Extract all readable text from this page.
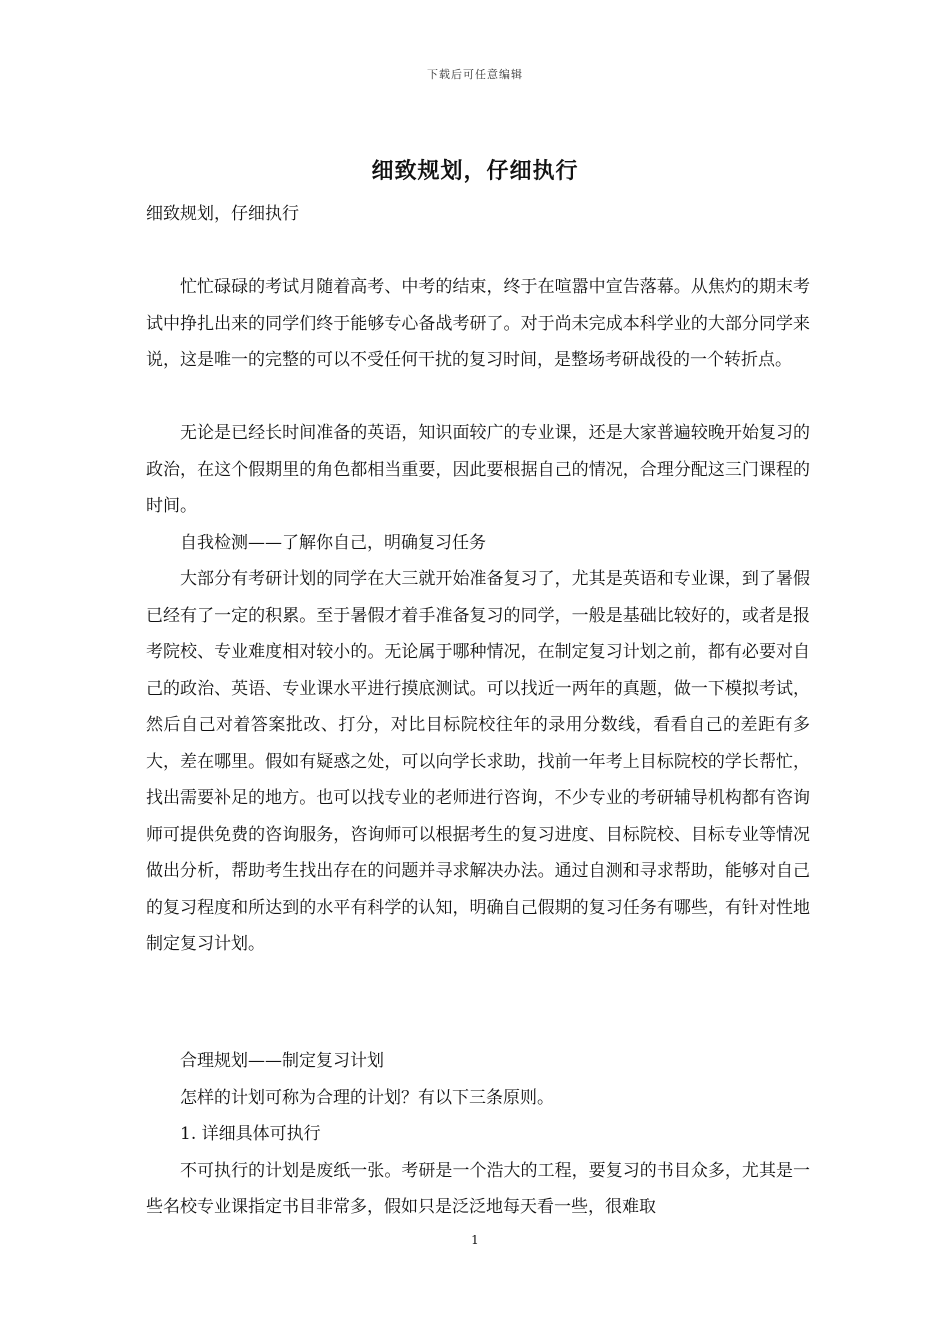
下载后可任意编辑
细致规划，仔细执行
细致规划，仔细执行

忙忙碌碌的考试月随着高考、中考的结束，终于在喧嚣中宣告落幕。从焦灼的期末考试中挣扎出来的同学们终于能够专心备战考研了。对于尚未完成本科学业的大部分同学来说，这是唯一的完整的可以不受任何干扰的复习时间，是整场考研战役的一个转折点。

无论是已经长时间准备的英语，知识面较广的专业课，还是大家普遍较晚开始复习的政治，在这个假期里的角色都相当重要，因此要根据自己的情况，合理分配这三门课程的时间。

自我检测——了解你自己，明确复习任务

大部分有考研计划的同学在大三就开始准备复习了，尤其是英语和专业课，到了暑假已经有了一定的积累。至于暑假才着手准备复习的同学，一般是基础比较好的，或者是报考院校、专业难度相对较小的。无论属于哪种情况，在制定复习计划之前，都有必要对自己的政治、英语、专业课水平进行摸底测试。可以找近一两年的真题，做一下模拟考试，然后自己对着答案批改、打分，对比目标院校往年的录用分数线，看看自己的差距有多大，差在哪里。假如有疑惑之处，可以向学长求助，找前一年考上目标院校的学长帮忙，找出需要补足的地方。也可以找专业的老师进行咨询，不少专业的考研辅导机构都有咨询师可提供免费的咨询服务，咨询师可以根据考生的复习进度、目标院校、目标专业等情况做出分析，帮助考生找出存在的问题并寻求解决办法。通过自测和寻求帮助，能够对自己的复习程度和所达到的水平有科学的认知，明确自己假期的复习任务有哪些，有针对性地制定复习计划。

合理规划——制定复习计划

怎样的计划可称为合理的计划？有以下三条原则。

1. 详细具体可执行

不可执行的计划是废纸一张。考研是一个浩大的工程，要复习的书目众多，尤其是一些名校专业课指定书目非常多，假如只是泛泛地每天看一些，很难取

1
